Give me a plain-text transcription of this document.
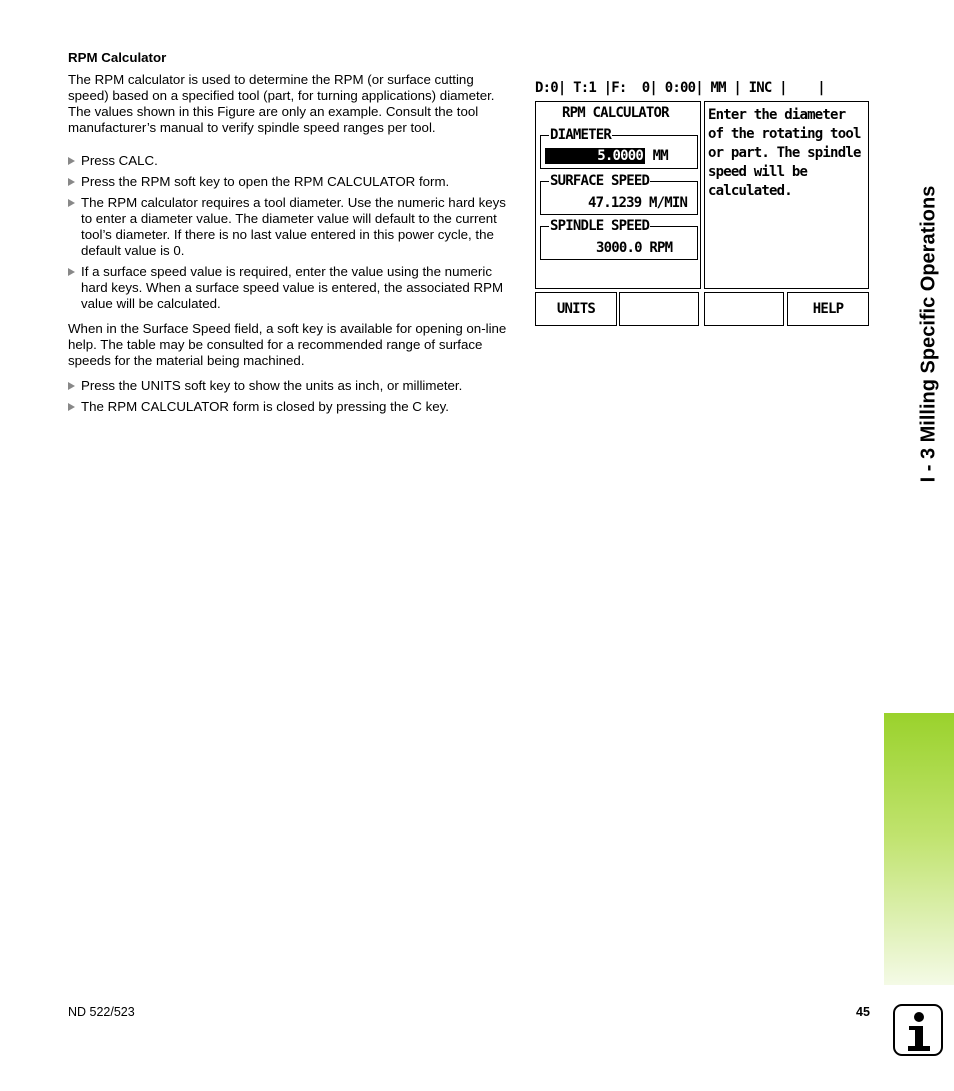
RPM Calculator
The RPM calculator is used to determine the RPM (or surface cutting speed) based on a specified tool (part, for turning applications) diameter. The values shown in this Figure are only an example. Consult the tool manufacturer’s manual to verify spindle speed ranges per tool.
Press CALC.
Press the RPM soft key to open the RPM CALCULATOR form.
The RPM calculator requires a tool diameter. Use the numeric hard keys to enter a diameter value. The diameter value will default to the current tool’s diameter. If there is no last value entered in this power cycle, the default value is 0.
If a surface speed value is required, enter the value using the numeric hard keys. When a surface speed value is entered, the associated RPM value will be calculated.
When in the Surface Speed field, a soft key is available for opening on-line help. The table may be consulted for a recommended range of surface speeds for the material being machined.
Press the UNITS soft key to show the units as inch, or millimeter.
The RPM CALCULATOR form is closed by pressing the C key.
D:0| T:1 |F:  0| 0:00| MM | INC |    |
RPM CALCULATOR
DIAMETER
5.0000 MM
SURFACE SPEED
47.1239 M/MIN
SPINDLE SPEED
3000.0 RPM
Enter the diameter of the rotating tool or part. The spindle speed will be calculated.
UNITS	HELP	I - 3 Milling Specific Operations
ND 522/523	45
